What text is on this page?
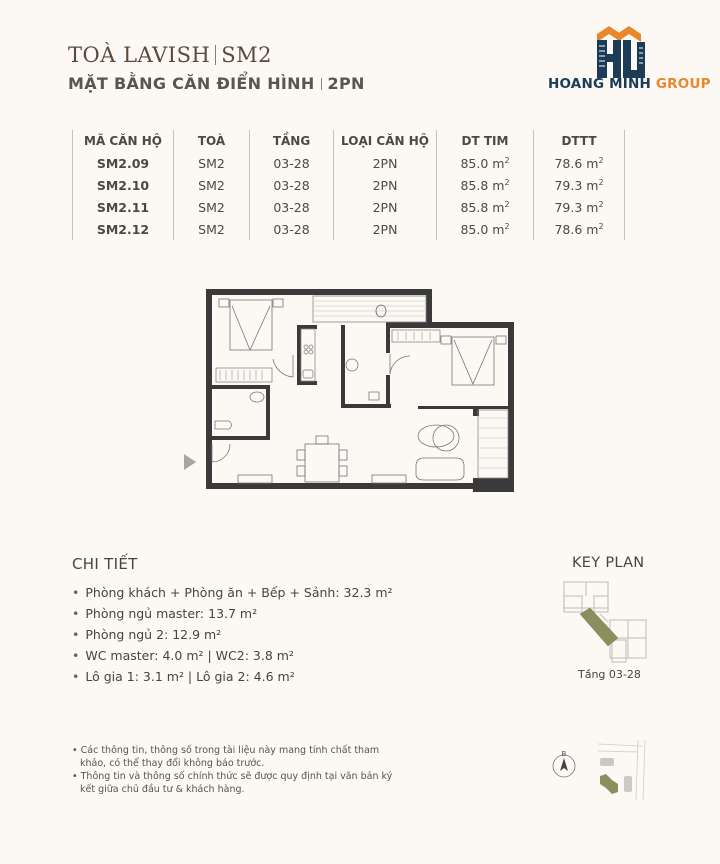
TOÀ LAVISH SM2
MẶT BẰNG CĂN ĐIỂN HÌNH 2PN	HOANG MINH GROUP
MÃ CĂN HỘ	TOÀ	TẦNG	LOẠI CĂN HỘ	DT TIM	DTTT
SM2.09	SM2	03-28	2PN	85.0 $m^2$	78.6 $m^2$
SM2.10	SM2	03-28	2PN	85.8 $m^2$	79.3 $m^2$
SM2.11	SM2	03-28	2PN	85.8 $m^2$	79.3 $m^2$
SM2.12	SM2	03-28	2PN	85.0 $m^2$	78.6 $m^2$
CHI TIẾT
• Phòng khách + Phòng ăn + Bếp + Sảnh: 32.3 m²
• Phòng ngủ master: 13.7 m²
• Phòng ngủ 2: 12.9 m²
• WC master: 4.0 m² | WC2: 3.8 m²
• Lô gia 1: 3.1 m² | Lô gia 2: 4.6 m²
KEY PLAN
Tầng 03-28
• Các thông tin, thông số trong tài liệu này mang tính chất tham khảo, có thể thay đổi không báo trước.
• Thông tin và thông số chính thức sẽ được quy định tại văn bản ký kết giữa chủ đầu tư & khách hàng.
B
